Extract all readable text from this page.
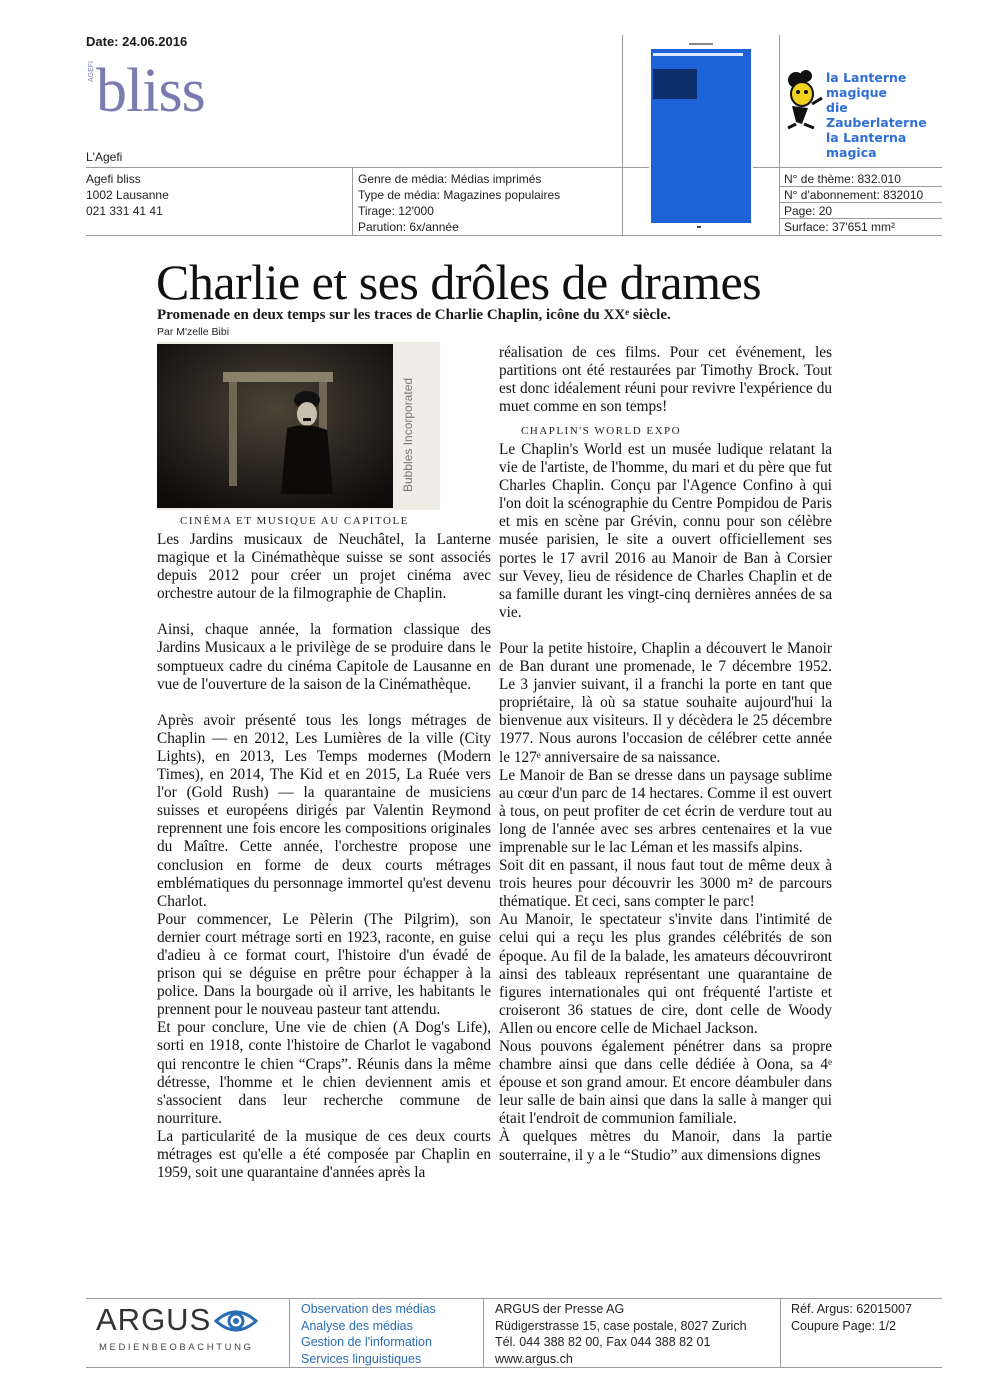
Date: 24.06.2016
AGEFI bliss
L'Agefi
Agefi bliss
1002 Lausanne
021 331 41 41
Genre de média: Médias imprimés
Type de média: Magazines populaires
Tirage: 12'000
Parution: 6x/année
la Lanterne magique
die Zauberlaterne
la Lanterna magica
N° de thème: 832.010
N° d'abonnement: 832010
Page: 20
Surface: 37'651 mm²
Charlie et ses drôles de drames
Promenade en deux temps sur les traces de Charlie Chaplin, icône du XXᵉ siècle.
Par M'zelle Bibi
Bubbles Incorporated
CINÉMA ET MUSIQUE AU CAPITOLE
CHAPLIN'S WORLD EXPO

Les Jardins musicaux de Neuchâtel, la Lanterne magique et la Cinémathèque suisse se sont associés depuis 2012 pour créer un projet cinéma avec orchestre autour de la filmographie de Chaplin.

Ainsi, chaque année, la formation classique des Jardins Musicaux a le privilège de se produire dans le somptueux cadre du cinéma Capitole de Lausanne en vue de l'ouverture de la saison de la Cinémathèque.

Après avoir présenté tous les longs métrages de Chaplin — en 2012, Les Lumières de la ville (City Lights), en 2013, Les Temps modernes (Modern Times), en 2014, The Kid et en 2015, La Ruée vers l'or (Gold Rush) — la quarantaine de musiciens suisses et européens dirigés par Valentin Reymond reprennent une fois encore les compositions originales du Maître. Cette année, l'orchestre propose une conclusion en forme de deux courts métrages emblématiques du personnage immortel qu'est devenu Charlot.

Pour commencer, Le Pèlerin (The Pilgrim), son dernier court métrage sorti en 1923, raconte, en guise d'adieu à ce format court, l'histoire d'un évadé de prison qui se déguise en prêtre pour échapper à la police. Dans la bourgade où il arrive, les habitants le prennent pour le nouveau pasteur tant attendu.

Et pour conclure, Une vie de chien (A Dog's Life), sorti en 1918, conte l'histoire de Charlot le vagabond qui rencontre le chien “Craps”. Réunis dans la même détresse, l'homme et le chien deviennent amis et s'associent dans leur recherche commune de nourriture.

La particularité de la musique de ces deux courts métrages est qu'elle a été composée par Chaplin en 1959, soit une quarantaine d'années après la

réalisation de ces films. Pour cet événement, les partitions ont été restaurées par Timothy Brock. Tout est donc idéalement réuni pour revivre l'expérience du muet comme en son temps!

Le Chaplin's World est un musée ludique relatant la vie de l'artiste, de l'homme, du mari et du père que fut Charles Chaplin. Conçu par l'Agence Confino à qui l'on doit la scénographie du Centre Pompidou de Paris et mis en scène par Grévin, connu pour son célèbre musée parisien, le site a ouvert officiellement ses portes le 17 avril 2016 au Manoir de Ban à Corsier sur Vevey, lieu de résidence de Charles Chaplin et de sa famille durant les vingt-cinq dernières années de sa vie.

Pour la petite histoire, Chaplin a découvert le Manoir de Ban durant une promenade, le 7 décembre 1952. Le 3 janvier suivant, il a franchi la porte en tant que propriétaire, là où sa statue souhaite aujourd'hui la bienvenue aux visiteurs. Il y décèdera le 25 décembre 1977. Nous aurons l'occasion de célébrer cette année le 127ᵉ anniversaire de sa naissance.

Le Manoir de Ban se dresse dans un paysage sublime au cœur d'un parc de 14 hectares. Comme il est ouvert à tous, on peut profiter de cet écrin de verdure tout au long de l'année avec ses arbres centenaires et la vue imprenable sur le lac Léman et les massifs alpins.

Soit dit en passant, il nous faut tout de même deux à trois heures pour découvrir les 3000 m² de parcours thématique. Et ceci, sans compter le parc!

Au Manoir, le spectateur s'invite dans l'intimité de celui qui a reçu les plus grandes célébrités de son époque. Au fil de la balade, les amateurs découvriront ainsi des tableaux représentant une quarantaine de figures internationales qui ont fréquenté l'artiste et croiseront 36 statues de cire, dont celle de Woody Allen ou encore celle de Michael Jackson.

Nous pouvons également pénétrer dans sa propre chambre ainsi que dans celle dédiée à Oona, sa 4ᵉ épouse et son grand amour. Et encore déambuler dans leur salle de bain ainsi que dans la salle à manger qui était l'endroit de communion familiale.

À quelques mètres du Manoir, dans la partie souterraine, il y a le “Studio” aux dimensions dignes

ARGUS
MEDIENBEOBACHTUNG
Observation des médias
Analyse des médias
Gestion de l'information
Services linguistiques
ARGUS der Presse AG
Rüdigerstrasse 15, case postale, 8027 Zurich
Tél. 044 388 82 00, Fax 044 388 82 01
www.argus.ch
Réf. Argus: 62015007
Coupure Page: 1/2
